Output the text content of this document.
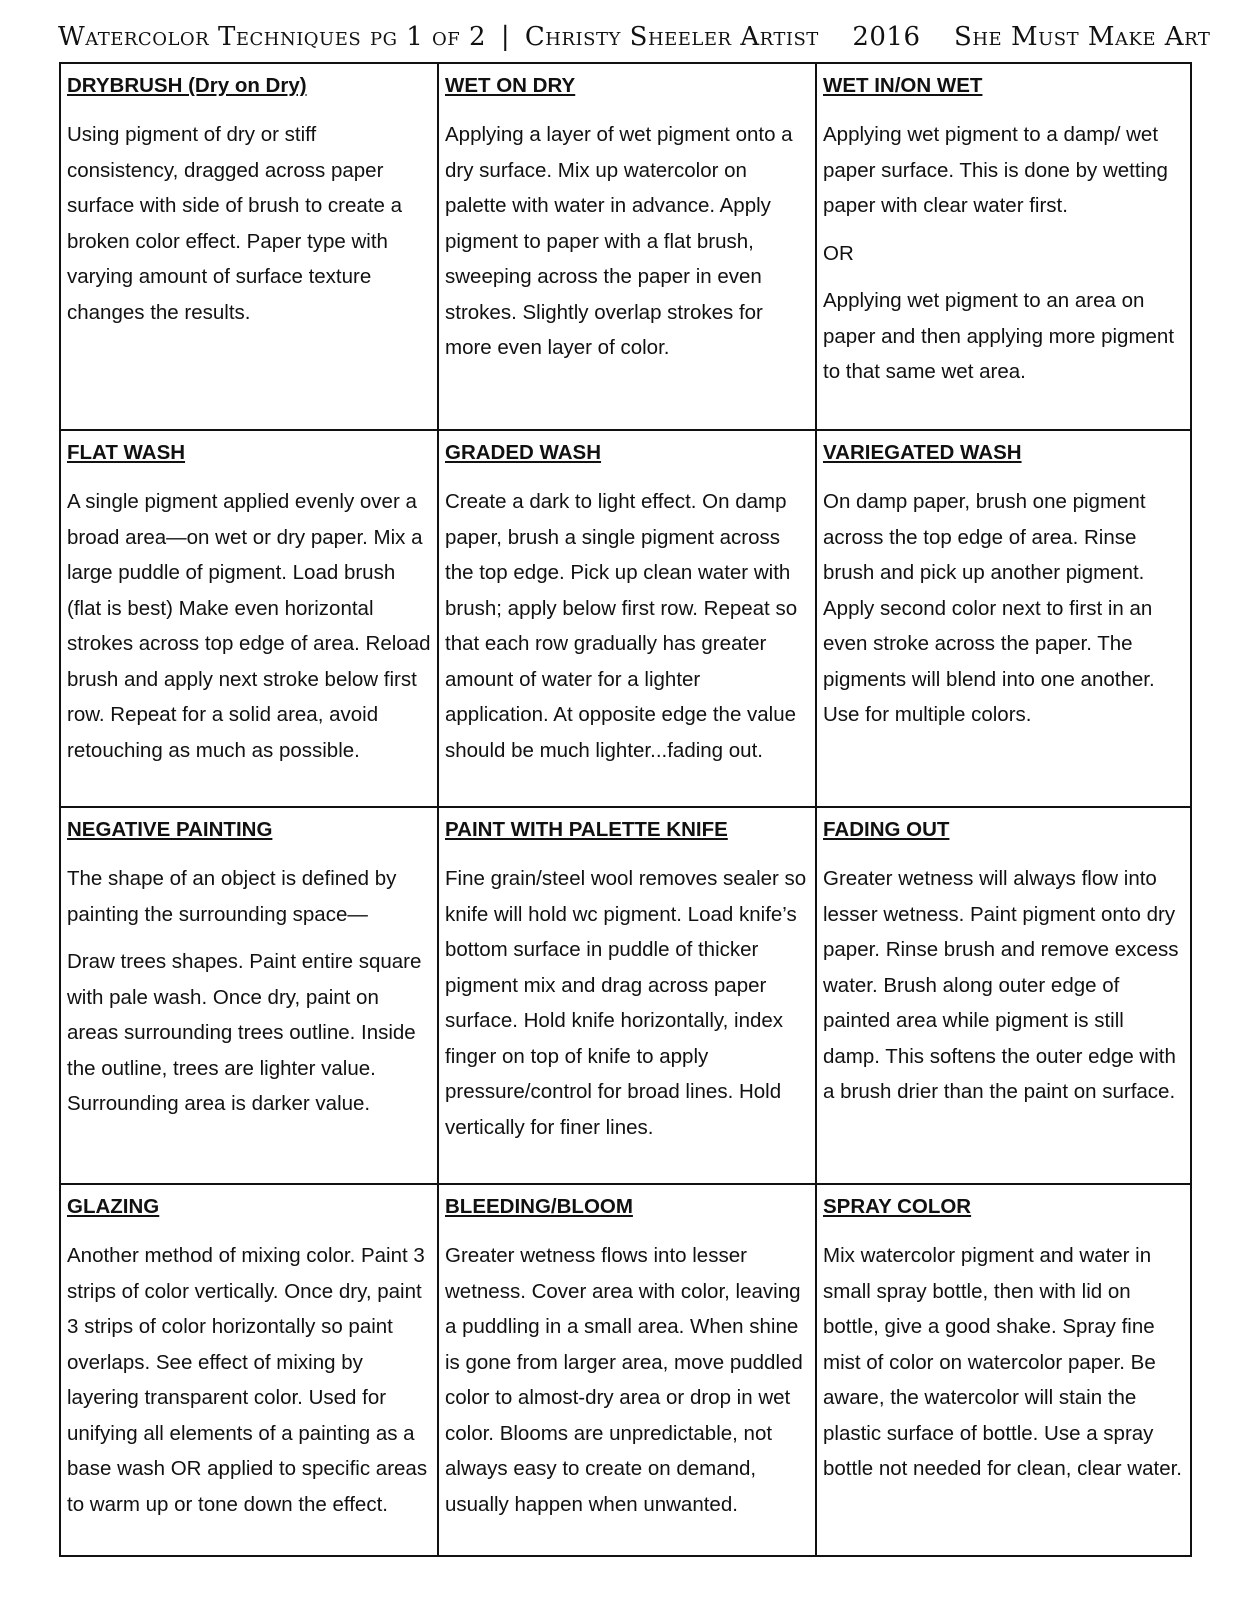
Watercolor Techniques pg 1 of 2 | Christy Sheeler Artist 2016 She Must Make Art
DRYBRUSH (Dry on Dry)

Using pigment of dry or stiff consistency, dragged across paper surface with side of brush to create a broken color effect. Paper type with varying amount of surface texture changes the results.

WET ON DRY

Applying a layer of wet pigment onto a dry surface. Mix up watercolor on palette with water in advance. Apply pigment to paper with a flat brush, sweeping across the paper in even strokes. Slightly overlap strokes for more even layer of color.

WET IN/ON WET

Applying wet pigment to a damp/ wet paper surface. This is done by wetting paper with clear water first.

OR

Applying wet pigment to an area on paper and then applying more pigment to that same wet area.

FLAT WASH

A single pigment applied evenly over a broad area—on wet or dry paper. Mix a large puddle of pigment. Load brush (flat is best) Make even horizontal strokes across top edge of area. Reload brush and apply next stroke below first row. Repeat for a solid area, avoid retouching as much as possible.

GRADED WASH

Create a dark to light effect. On damp paper, brush a single pigment across the top edge. Pick up clean water with brush; apply below first row. Repeat so that each row gradually has greater amount of water for a lighter application. At opposite edge the value should be much lighter...fading out.

VARIEGATED WASH

On damp paper, brush one pigment across the top edge of area. Rinse brush and pick up another pigment. Apply second color next to first in an even stroke across the paper. The pigments will blend into one another. Use for multiple colors.

NEGATIVE PAINTING

The shape of an object is defined by painting the surrounding space—

Draw trees shapes. Paint entire square with pale wash. Once dry, paint on areas surrounding trees outline. Inside the outline, trees are lighter value. Surrounding area is darker value.

PAINT WITH PALETTE KNIFE

Fine grain/steel wool removes sealer so knife will hold wc pigment. Load knife’s bottom surface in puddle of thicker pigment mix and drag across paper surface. Hold knife horizontally, index finger on top of knife to apply pressure/control for broad lines. Hold vertically for finer lines.

FADING OUT

Greater wetness will always flow into lesser wetness. Paint pigment onto dry paper. Rinse brush and remove excess water. Brush along outer edge of painted area while pigment is still damp. This softens the outer edge with a brush drier than the paint on surface.

GLAZING

Another method of mixing color. Paint 3 strips of color vertically. Once dry, paint 3 strips of color horizontally so paint overlaps. See effect of mixing by layering transparent color. Used for unifying all elements of a painting as a base wash OR applied to specific areas to warm up or tone down the effect.

BLEEDING/BLOOM

Greater wetness flows into lesser wetness. Cover area with color, leaving a puddling in a small area. When shine is gone from larger area, move puddled color to almost-dry area or drop in wet color. Blooms are unpredictable, not always easy to create on demand, usually happen when unwanted.

SPRAY COLOR

Mix watercolor pigment and water in small spray bottle, then with lid on bottle, give a good shake. Spray fine mist of color on watercolor paper. Be aware, the watercolor will stain the plastic surface of bottle. Use a spray bottle not needed for clean, clear water.
